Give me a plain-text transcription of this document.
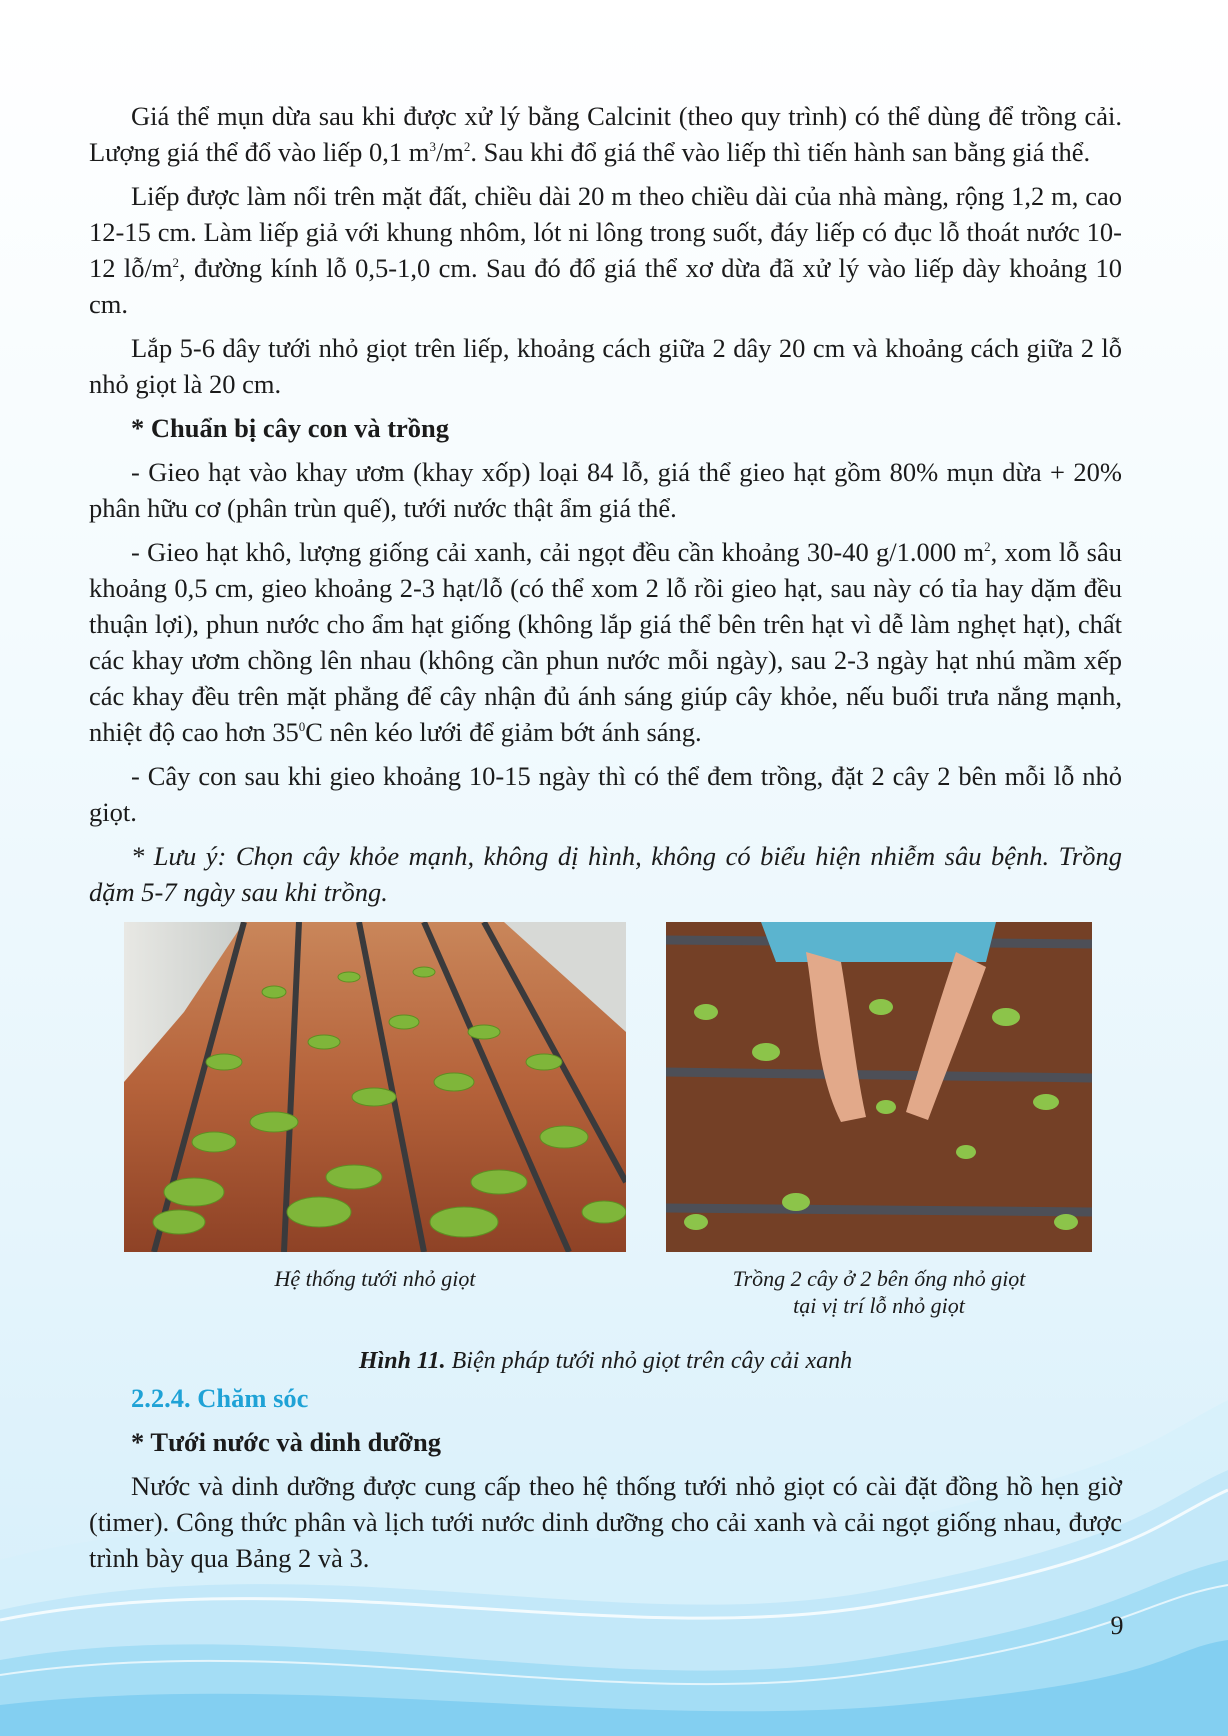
Giá thể mụn dừa sau khi được xử lý bằng Calcinit (theo quy trình) có thể dùng để trồng cải. Lượng giá thể đổ vào liếp 0,1 $m^3/m^2$. Sau khi đổ giá thể vào liếp thì tiến hành san bằng giá thể.

Liếp được làm nổi trên mặt đất, chiều dài 20 m theo chiều dài của nhà màng, rộng 1,2 m, cao 12-15 cm. Làm liếp giả với khung nhôm, lót ni lông trong suốt, đáy liếp có đục lỗ thoát nước 10-12 $lỗ/m^2$, đường kính lỗ 0,5-1,0 cm. Sau đó đổ giá thể xơ dừa đã xử lý vào liếp dày khoảng 10 cm.

Lắp 5-6 dây tưới nhỏ giọt trên liếp, khoảng cách giữa 2 dây 20 cm và khoảng cách giữa 2 lỗ nhỏ giọt là 20 cm.

* Chuẩn bị cây con và trồng

- Gieo hạt vào khay ươm (khay xốp) loại 84 lỗ, giá thể gieo hạt gồm 80% mụn dừa + 20% phân hữu cơ (phân trùn quế), tưới nước thật ẩm giá thể.

- Gieo hạt khô, lượng giống cải xanh, cải ngọt đều cần khoảng 30-40 g/1.000 $m^2$, xom lỗ sâu khoảng 0,5 cm, gieo khoảng 2-3 hạt/lỗ (có thể xom 2 lỗ rồi gieo hạt, sau này có tỉa hay dặm đều thuận lợi), phun nước cho ẩm hạt giống (không lắp giá thể bên trên hạt vì dễ làm nghẹt hạt), chất các khay ươm chồng lên nhau (không cần phun nước mỗi ngày), sau 2-3 ngày hạt nhú mầm xếp các khay đều trên mặt phẳng để cây nhận đủ ánh sáng giúp cây khỏe, nếu buổi trưa nắng mạnh, nhiệt độ cao hơn $35^0C$ nên kéo lưới để giảm bớt ánh sáng.

- Cây con sau khi gieo khoảng 10-15 ngày thì có thể đem trồng, đặt 2 cây 2 bên mỗi lỗ nhỏ giọt.

* Lưu ý: Chọn cây khỏe mạnh, không dị hình, không có biểu hiện nhiễm sâu bệnh. Trồng dặm 5-7 ngày sau khi trồng.

Hệ thống tưới nhỏ giọt	Trồng 2 cây ở 2 bên ống nhỏ giọt
tại vị trí lỗ nhỏ giọt
Hình 11. Biện pháp tưới nhỏ giọt trên cây cải xanh
2.2.4. Chăm sóc

* Tưới nước và dinh dưỡng

Nước và dinh dưỡng được cung cấp theo hệ thống tưới nhỏ giọt có cài đặt đồng hồ hẹn giờ (timer). Công thức phân và lịch tưới nước dinh dưỡng cho cải xanh và cải ngọt giống nhau, được trình bày qua Bảng 2 và 3.

9
